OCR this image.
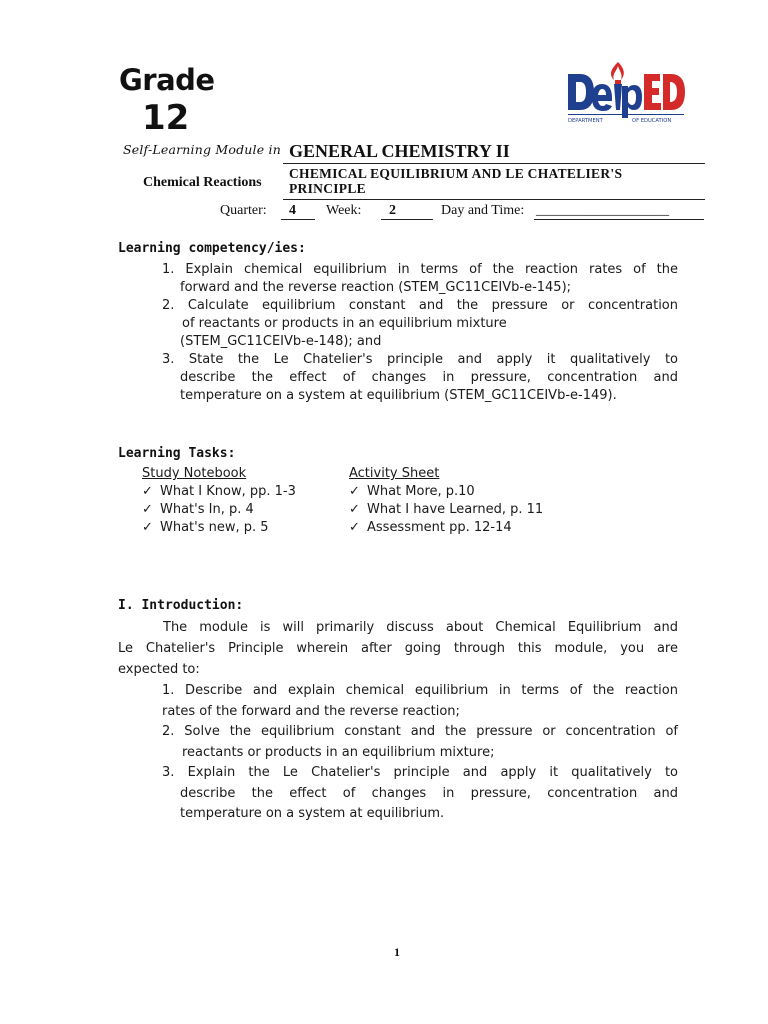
Grade
12
Self-Learning Module in GENERAL CHEMISTRY II
DEPARTMENT	OF EDUCATION
Chemical Reactions
CHEMICAL EQUILIBRIUM AND LE CHATELIER'S PRINCIPLE
Quarter: 4 Week: 2	Day and Time: ___________________
Learning competency/ies:
1. Explain chemical equilibrium in terms of the reaction rates of the
forward and the reverse reaction (STEM_GC11CEIVb-e-145);
2. Calculate equilibrium constant and the pressure or concentration
of reactants or products in an equilibrium mixture
(STEM_GC11CEIVb-e-148); and
3. State the Le Chatelier's principle and apply it qualitatively to
describe the effect of changes in pressure, concentration and
temperature on a system at equilibrium (STEM_GC11CEIVb-e-149).
Learning Tasks:
Study Notebook
✓ What I Know, pp. 1-3
✓ What's In, p. 4
✓ What's new, p. 5
Activity Sheet
✓ What More, p.10
✓ What I have Learned, p. 11
✓ Assessment pp. 12-14
I. Introduction:
The module is will primarily discuss about Chemical Equilibrium and
Le Chatelier's Principle wherein after going through this module, you are
expected to:
1. Describe and explain chemical equilibrium in terms of the reaction
rates of the forward and the reverse reaction;
2. Solve the equilibrium constant and the pressure or concentration of
reactants or products in an equilibrium mixture;
3. Explain the Le Chatelier's principle and apply it qualitatively to
describe the effect of changes in pressure, concentration and
temperature on a system at equilibrium.
1
